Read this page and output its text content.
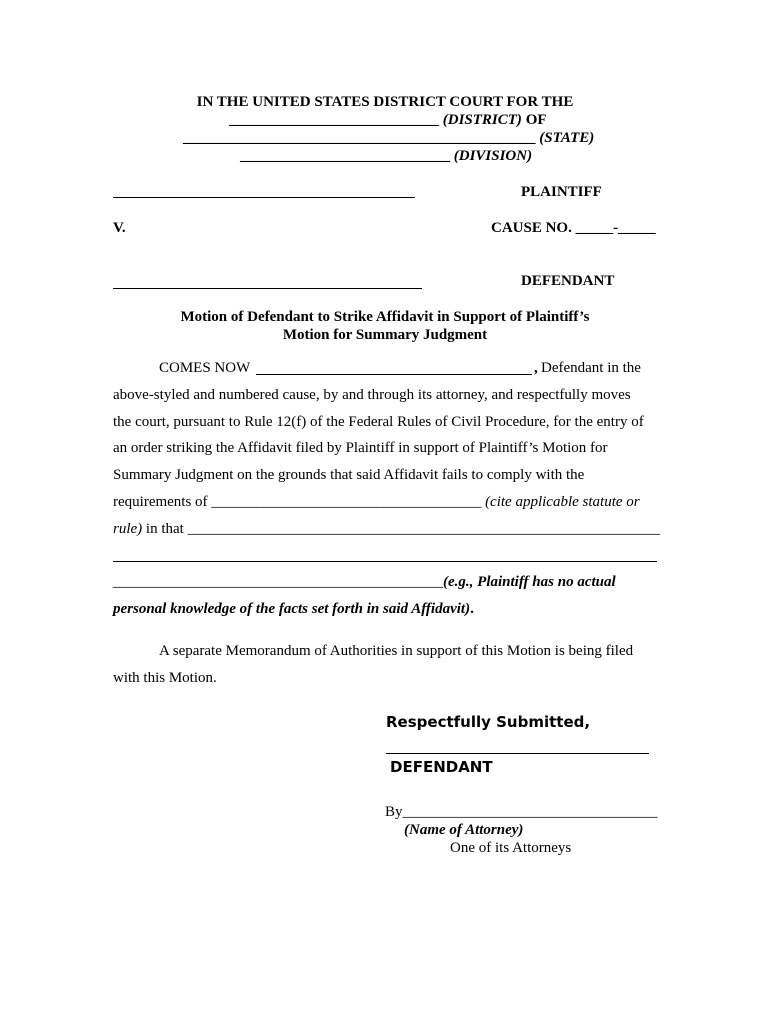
IN THE UNITED STATES DISTRICT COURT FOR THE
____________________________ (DISTRICT) OF
_______________________________________________ (STATE)
____________________________ (DIVISION)
PLAINTIFF
V.	CAUSE NO. _____-_____
DEFENDANT
Motion of Defendant to Strike Affidavit in Support of Plaintiff’s
Motion for Summary Judgment
COMES NOW	, Defendant in the
above-styled and numbered cause, by and through its attorney, and respectfully moves
the court, pursuant to Rule 12(f) of the Federal Rules of Civil Procedure, for the entry of
an order striking the Affidavit filed by Plaintiff in support of Plaintiff’s Motion for
Summary Judgment on the grounds that said Affidavit fails to comply with the
requirements of ____________________________________ (cite applicable statute or
rule) in that _______________________________________________________________
____________________________________________(e.g., Plaintiff has no actual
personal knowledge of the facts set forth in said Affidavit).
A separate Memorandum of Authorities in support of this Motion is being filed
with this Motion.
Respectfully Submitted,
DEFENDANT
By__________________________________
(Name of Attorney)
One of its Attorneys
